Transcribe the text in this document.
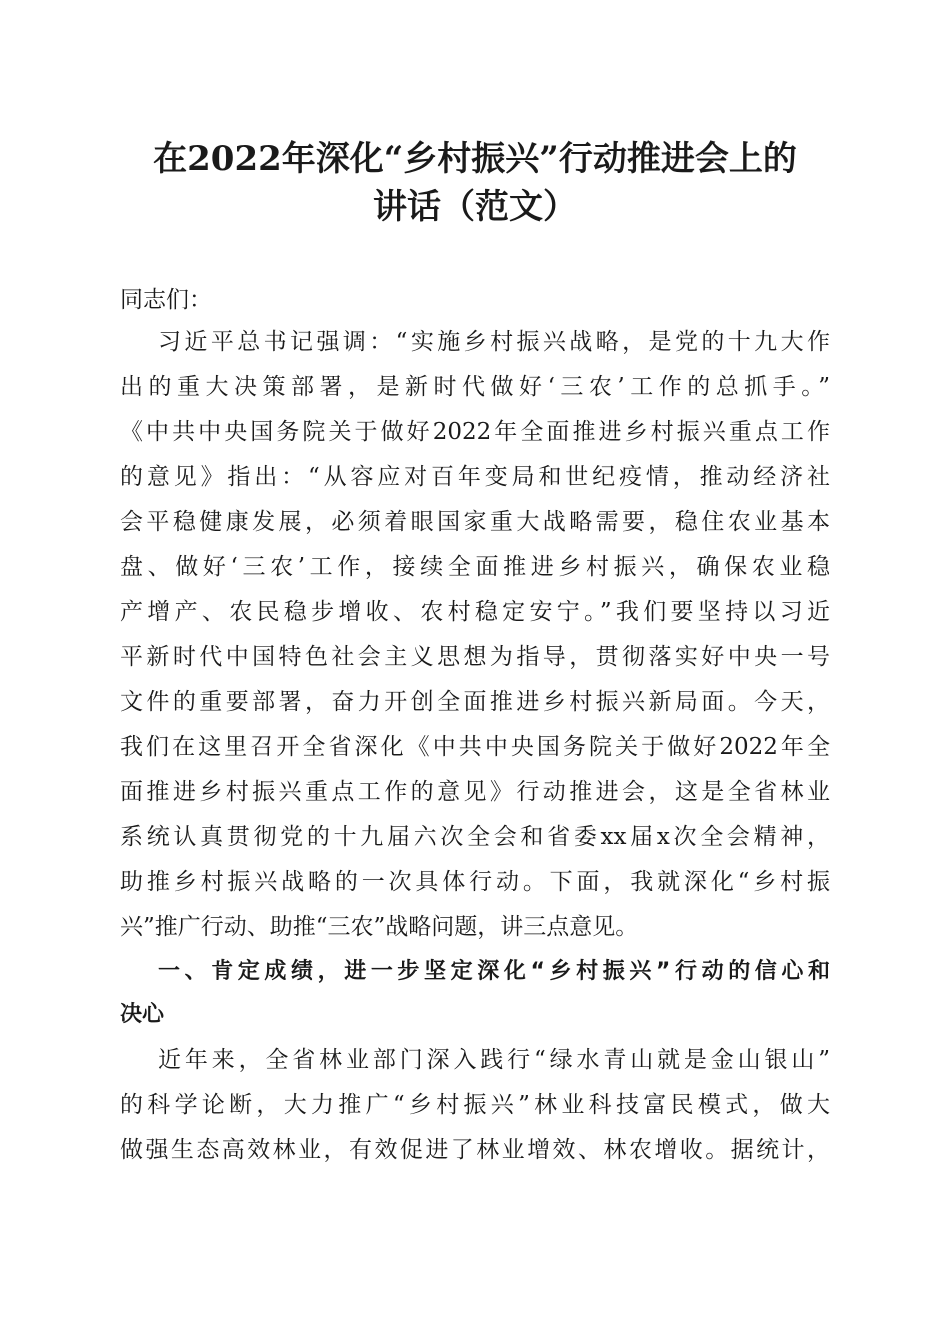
在2022年深化“乡村振兴”行动推进会上的
讲话（范文）

同志们：

习近平总书记强调：“实施乡村振兴战略，是党的十九大作

出的重大决策部署，是新时代做好‘三农’工作的总抓手。”

《中共中央国务院关于做好2022年全面推进乡村振兴重点工作

的意见》指出：“从容应对百年变局和世纪疫情，推动经济社

会平稳健康发展，必须着眼国家重大战略需要，稳住农业基本

盘、做好‘三农’工作，接续全面推进乡村振兴，确保农业稳

产增产、农民稳步增收、农村稳定安宁。”我们要坚持以习近

平新时代中国特色社会主义思想为指导，贯彻落实好中央一号

文件的重要部署，奋力开创全面推进乡村振兴新局面。今天，

我们在这里召开全省深化《中共中央国务院关于做好2022年全

面推进乡村振兴重点工作的意见》行动推进会，这是全省林业

系统认真贯彻党的十九届六次全会和省委xx届x次全会精神，

助推乡村振兴战略的一次具体行动。下面，我就深化“乡村振

兴”推广行动、助推“三农”战略问题，讲三点意见。

一、肯定成绩，进一步坚定深化“乡村振兴”行动的信心和

决心

近年来，全省林业部门深入践行“绿水青山就是金山银山”

的科学论断，大力推广“乡村振兴”林业科技富民模式，做大

做强生态高效林业，有效促进了林业增效、林农增收。据统计，
